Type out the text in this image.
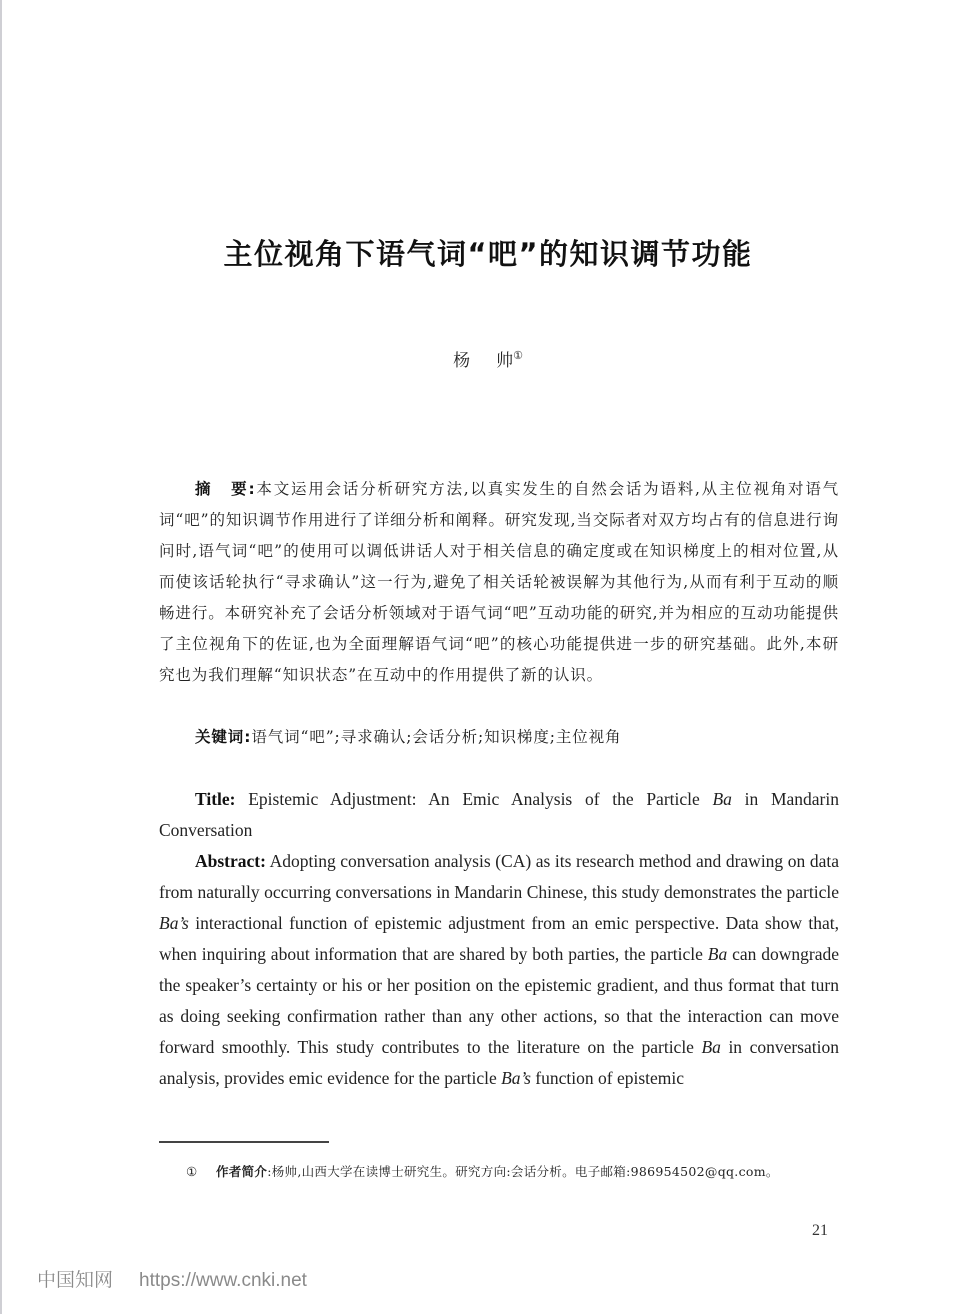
主位视角下语气词“吧”的知识调节功能
杨 帅①
摘 要:本文运用会话分析研究方法,以真实发生的自然会话为语料,从主位视角对语气词“吧”的知识调节作用进行了详细分析和阐释。研究发现,当交际者对双方均占有的信息进行询问时,语气词“吧”的使用可以调低讲话人对于相关信息的确定度或在知识梯度上的相对位置,从而使该话轮执行“寻求确认”这一行为,避免了相关话轮被误解为其他行为,从而有利于互动的顺畅进行。本研究补充了会话分析领域对于语气词“吧”互动功能的研究,并为相应的互动功能提供了主位视角下的佐证,也为全面理解语气词“吧”的核心功能提供进一步的研究基础。此外,本研究也为我们理解“知识状态”在互动中的作用提供了新的认识。
关键词:语气词“吧”;寻求确认;会话分析;知识梯度;主位视角

Title: Epistemic Adjustment: An Emic Analysis of the Particle Ba in Mandarin Conversation

Abstract: Adopting conversation analysis (CA) as its research method and drawing on data from naturally occurring conversations in Mandarin Chinese, this study demonstrates the particle Ba’s interactional function of epistemic adjustment from an emic perspective. Data show that, when inquiring about information that are shared by both parties, the particle Ba can downgrade the speaker’s certainty or his or her position on the epistemic gradient, and thus format that turn as doing seeking confirmation rather than any other actions, so that the interaction can move forward smoothly. This study contributes to the literature on the particle Ba in conversation analysis, provides emic evidence for the particle Ba’s function of epistemic

① 作者简介:杨帅,山西大学在读博士研究生。研究方向:会话分析。电子邮箱:986954502@qq.com。
21
中国知网 https://www.cnki.net
